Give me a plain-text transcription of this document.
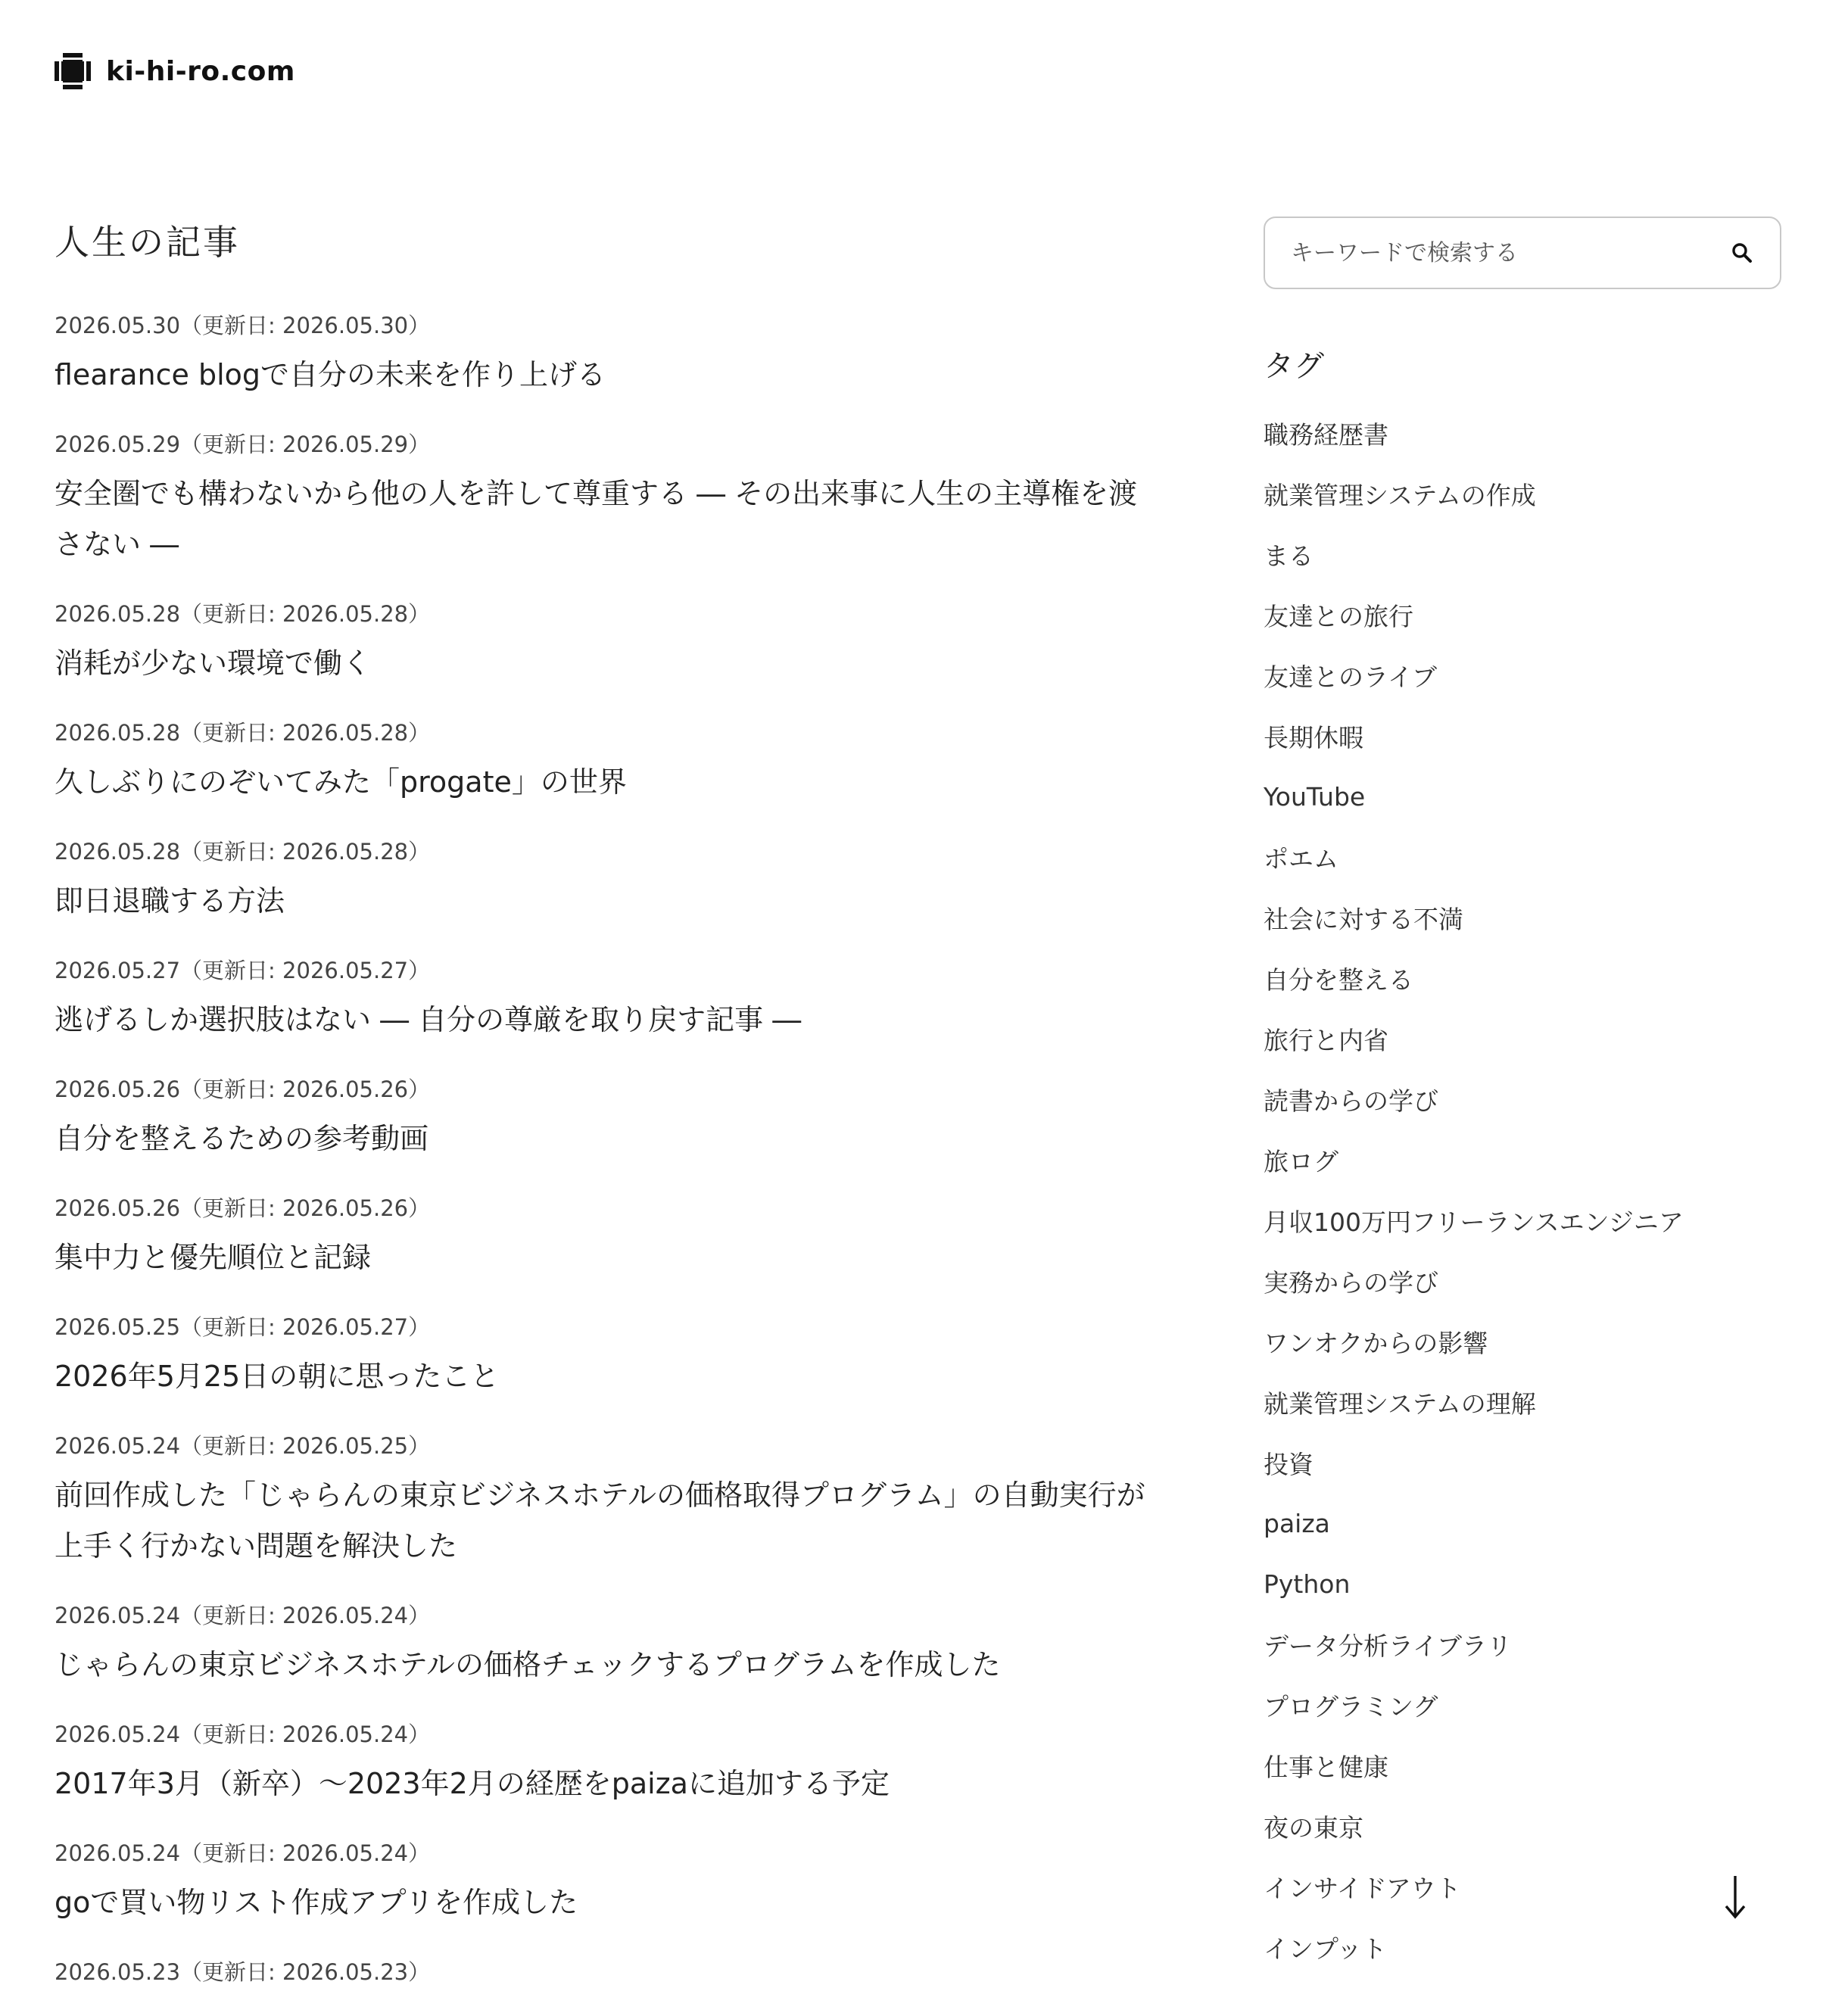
ki-hi-ro.com
人生の記事
2026.05.30（更新日: 2026.05.30）
flearance blogで自分の未来を作り上げる
2026.05.29（更新日: 2026.05.29）
安全圏でも構わないから他の人を許して尊重する ― その出来事に人生の主導権を渡さない ―
2026.05.28（更新日: 2026.05.28）
消耗が少ない環境で働く
2026.05.28（更新日: 2026.05.28）
久しぶりにのぞいてみた「progate」の世界
2026.05.28（更新日: 2026.05.28）
即日退職する方法
2026.05.27（更新日: 2026.05.27）
逃げるしか選択肢はない ― 自分の尊厳を取り戻す記事 ―
2026.05.26（更新日: 2026.05.26）
自分を整えるための参考動画
2026.05.26（更新日: 2026.05.26）
集中力と優先順位と記録
2026.05.25（更新日: 2026.05.27）
2026年5月25日の朝に思ったこと
2026.05.24（更新日: 2026.05.25）
前回作成した「じゃらんの東京ビジネスホテルの価格取得プログラム」の自動実行が上手く行かない問題を解決した
2026.05.24（更新日: 2026.05.24）
じゃらんの東京ビジネスホテルの価格チェックするプログラムを作成した
2026.05.24（更新日: 2026.05.24）
2017年3月（新卒）〜2023年2月の経歴をpaizaに追加する予定
2026.05.24（更新日: 2026.05.24）
goで買い物リスト作成アプリを作成した
2026.05.23（更新日: 2026.05.23）
キーワードで検索する
タグ
職務経歴書
就業管理システムの作成
まる
友達との旅行
友達とのライブ
長期休暇
YouTube
ポエム
社会に対する不満
自分を整える
旅行と内省
読書からの学び
旅ログ
月収100万円フリーランスエンジニア
実務からの学び
ワンオクからの影響
就業管理システムの理解
投資
paiza
Python
データ分析ライブラリ
プログラミング
仕事と健康
夜の東京
インサイドアウト
インプット
